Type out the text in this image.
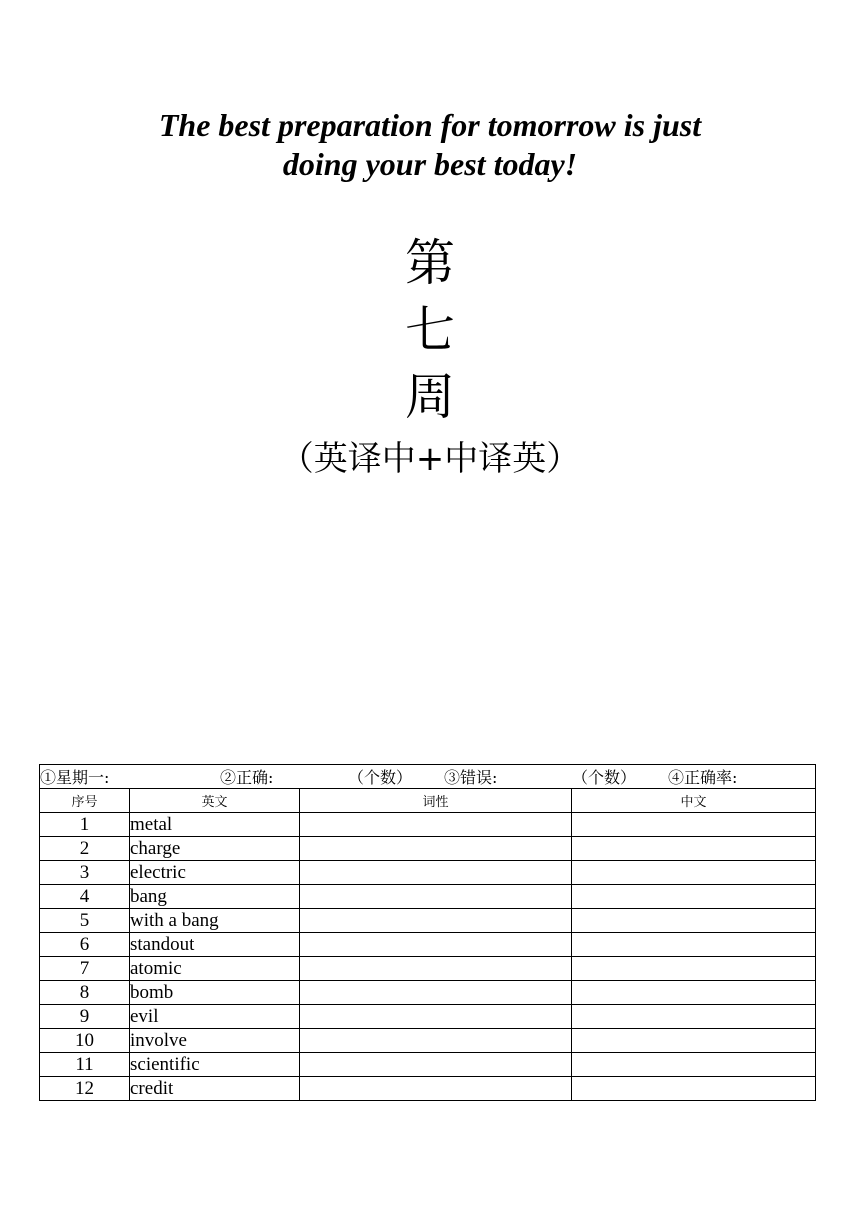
The best preparation for tomorrow is just
doing your best today!
第
七
周
（英译中+中译英）
①星期一: ②正确: （个数） ③错误: （个数） ④正确率:			
序号	英文	词性	中文
1	metal		
2	charge		
3	electric		
4	bang		
5	with a bang		
6	standout		
7	atomic		
8	bomb		
9	evil		
10	involve		
11	scientific		
12	credit		
